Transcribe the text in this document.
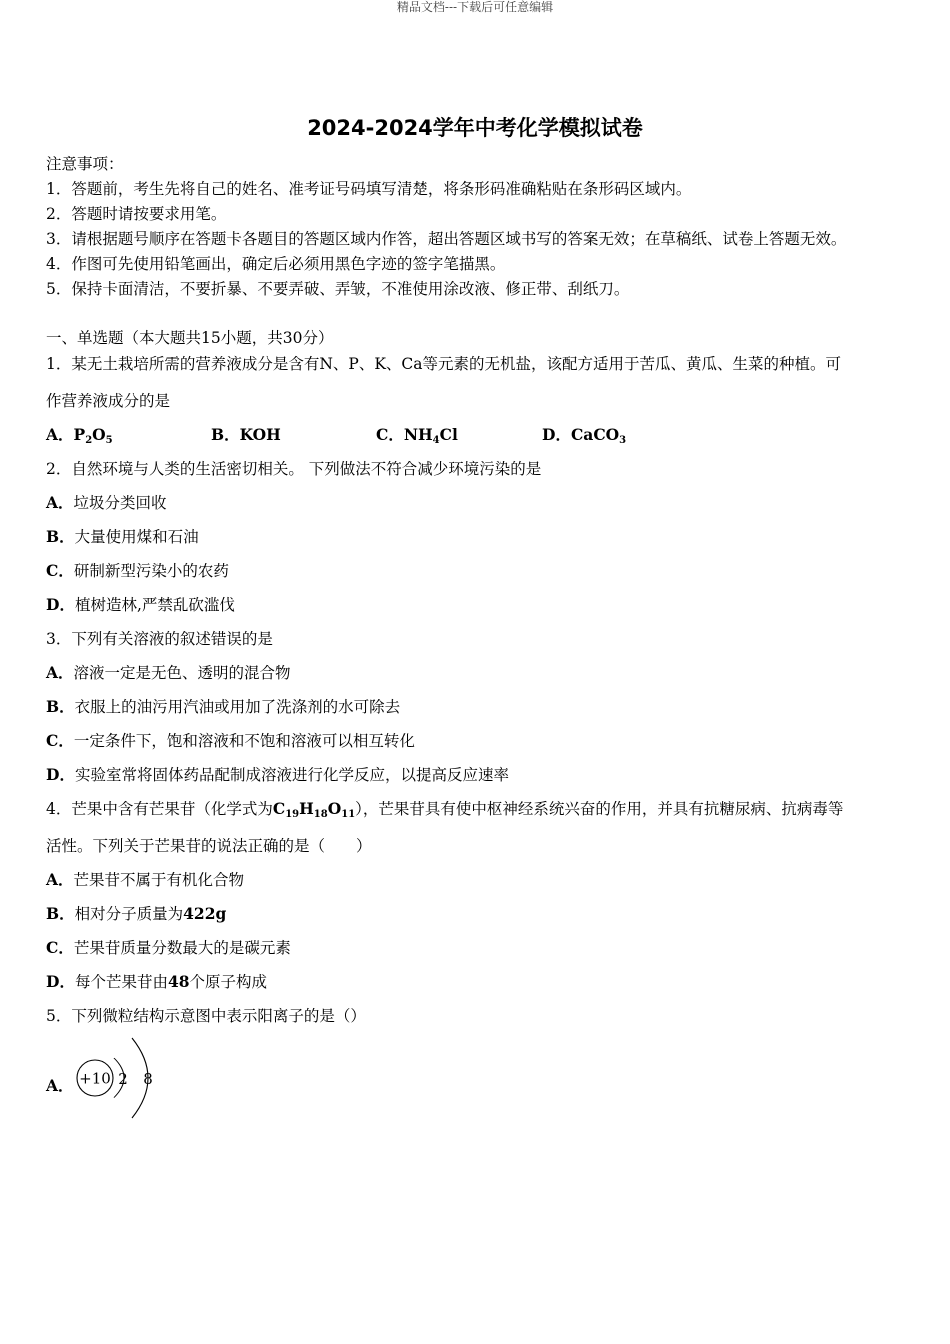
精品文档---下载后可任意编辑
2024-2024学年中考化学模拟试卷
注意事项：
1．答题前，考生先将自己的姓名、准考证号码填写清楚，将条形码准确粘贴在条形码区域内。
2．答题时请按要求用笔。
3．请根据题号顺序在答题卡各题目的答题区域内作答，超出答题区域书写的答案无效；在草稿纸、试卷上答题无效。
4．作图可先使用铅笔画出，确定后必须用黑色字迹的签字笔描黑。
5．保持卡面清洁，不要折暴、不要弄破、弄皱，不准使用涂改液、修正带、刮纸刀。
一、单选题（本大题共15小题，共30分）
1．某无土栽培所需的营养液成分是含有N、P、K、Ca等元素的无机盐，该配方适用于苦瓜、黄瓜、生菜的种植。可
作营养液成分的是
A．$P_2O_5$	B．KOH	C．$NH_4Cl$	D．CaCO$_3$
2．自然环境与人类的生活密切相关。 下列做法不符合减少环境污染的是
A．垃圾分类回收
B．大量使用煤和石油
C．研制新型污染小的农药
D．植树造林,严禁乱砍滥伐
3．下列有关溶液的叙述错误的是
A．溶液一定是无色、透明的混合物
B．衣服上的油污用汽油或用加了洗涤剂的水可除去
C．一定条件下，饱和溶液和不饱和溶液可以相互转化
D．实验室常将固体药品配制成溶液进行化学反应，以提高反应速率
4．芒果中含有芒果苷（化学式为$C_{19}H_{18}O_{11}$），芒果苷具有使中枢神经系统兴奋的作用，并具有抗糖尿病、抗病毒等
活性。下列关于芒果苷的说法正确的是（　　）
A．芒果苷不属于有机化合物
B．相对分子质量为422g
C．芒果苷质量分数最大的是碳元素
D．每个芒果苷由48个原子构成
5．下列微粒结构示意图中表示阳离子的是（）
A． +10 2 8
